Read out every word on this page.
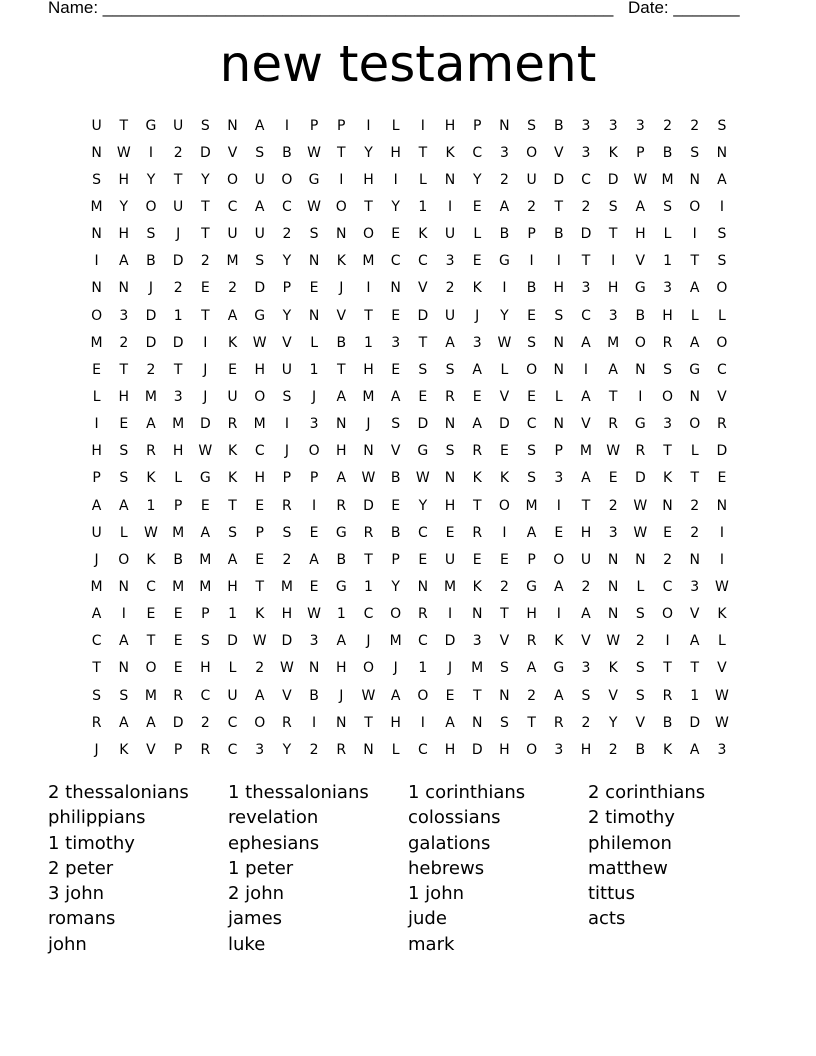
Name: ______________________________________________________ Date: _______
new testament
U	T	G	U	S	N	A	I	P	P	I	L	I	H	P	N	S	B	3	3	3	2	2	S
N	W	I	2	D	V	S	B	W	T	Y	H	T	K	C	3	O	V	3	K	P	B	S	N
S	H	Y	T	Y	O	U	O	G	I	H	I	L	N	Y	2	U	D	C	D	W	M	N	A
M	Y	O	U	T	C	A	C	W	O	T	Y	1	I	E	A	2	T	2	S	A	S	O	I
N	H	S	J	T	U	U	2	S	N	O	E	K	U	L	B	P	B	D	T	H	L	I	S
I	A	B	D	2	M	S	Y	N	K	M	C	C	3	E	G	I	I	T	I	V	1	T	S
N	N	J	2	E	2	D	P	E	J	I	N	V	2	K	I	B	H	3	H	G	3	A	O
O	3	D	1	T	A	G	Y	N	V	T	E	D	U	J	Y	E	S	C	3	B	H	L	L
M	2	D	D	I	K	W	V	L	B	1	3	T	A	3	W	S	N	A	M	O	R	A	O
E	T	2	T	J	E	H	U	1	T	H	E	S	S	A	L	O	N	I	A	N	S	G	C
L	H	M	3	J	U	O	S	J	A	M	A	E	R	E	V	E	L	A	T	I	O	N	V
I	E	A	M	D	R	M	I	3	N	J	S	D	N	A	D	C	N	V	R	G	3	O	R
H	S	R	H	W	K	C	J	O	H	N	V	G	S	R	E	S	P	M	W	R	T	L	D
P	S	K	L	G	K	H	P	P	A	W	B	W	N	K	K	S	3	A	E	D	K	T	E
A	A	1	P	E	T	E	R	I	R	D	E	Y	H	T	O	M	I	T	2	W	N	2	N
U	L	W	M	A	S	P	S	E	G	R	B	C	E	R	I	A	E	H	3	W	E	2	I
J	O	K	B	M	A	E	2	A	B	T	P	E	U	E	E	P	O	U	N	N	2	N	I
M	N	C	M	M	H	T	M	E	G	1	Y	N	M	K	2	G	A	2	N	L	C	3	W
A	I	E	E	P	1	K	H	W	1	C	O	R	I	N	T	H	I	A	N	S	O	V	K
C	A	T	E	S	D	W	D	3	A	J	M	C	D	3	V	R	K	V	W	2	I	A	L
T	N	O	E	H	L	2	W	N	H	O	J	1	J	M	S	A	G	3	K	S	T	T	V
S	S	M	R	C	U	A	V	B	J	W	A	O	E	T	N	2	A	S	V	S	R	1	W
R	A	A	D	2	C	O	R	I	N	T	H	I	A	N	S	T	R	2	Y	V	B	D	W
J	K	V	P	R	C	3	Y	2	R	N	L	C	H	D	H	O	3	H	2	B	K	A	3
2 thessalonians	1 thessalonians	1 corinthians	2 corinthians
philippians	revelation	colossians	2 timothy
1 timothy	ephesians	galations	philemon
2 peter	1 peter	hebrews	matthew
3 john	2 john	1 john	tittus
romans	james	jude	acts
john	luke	mark
